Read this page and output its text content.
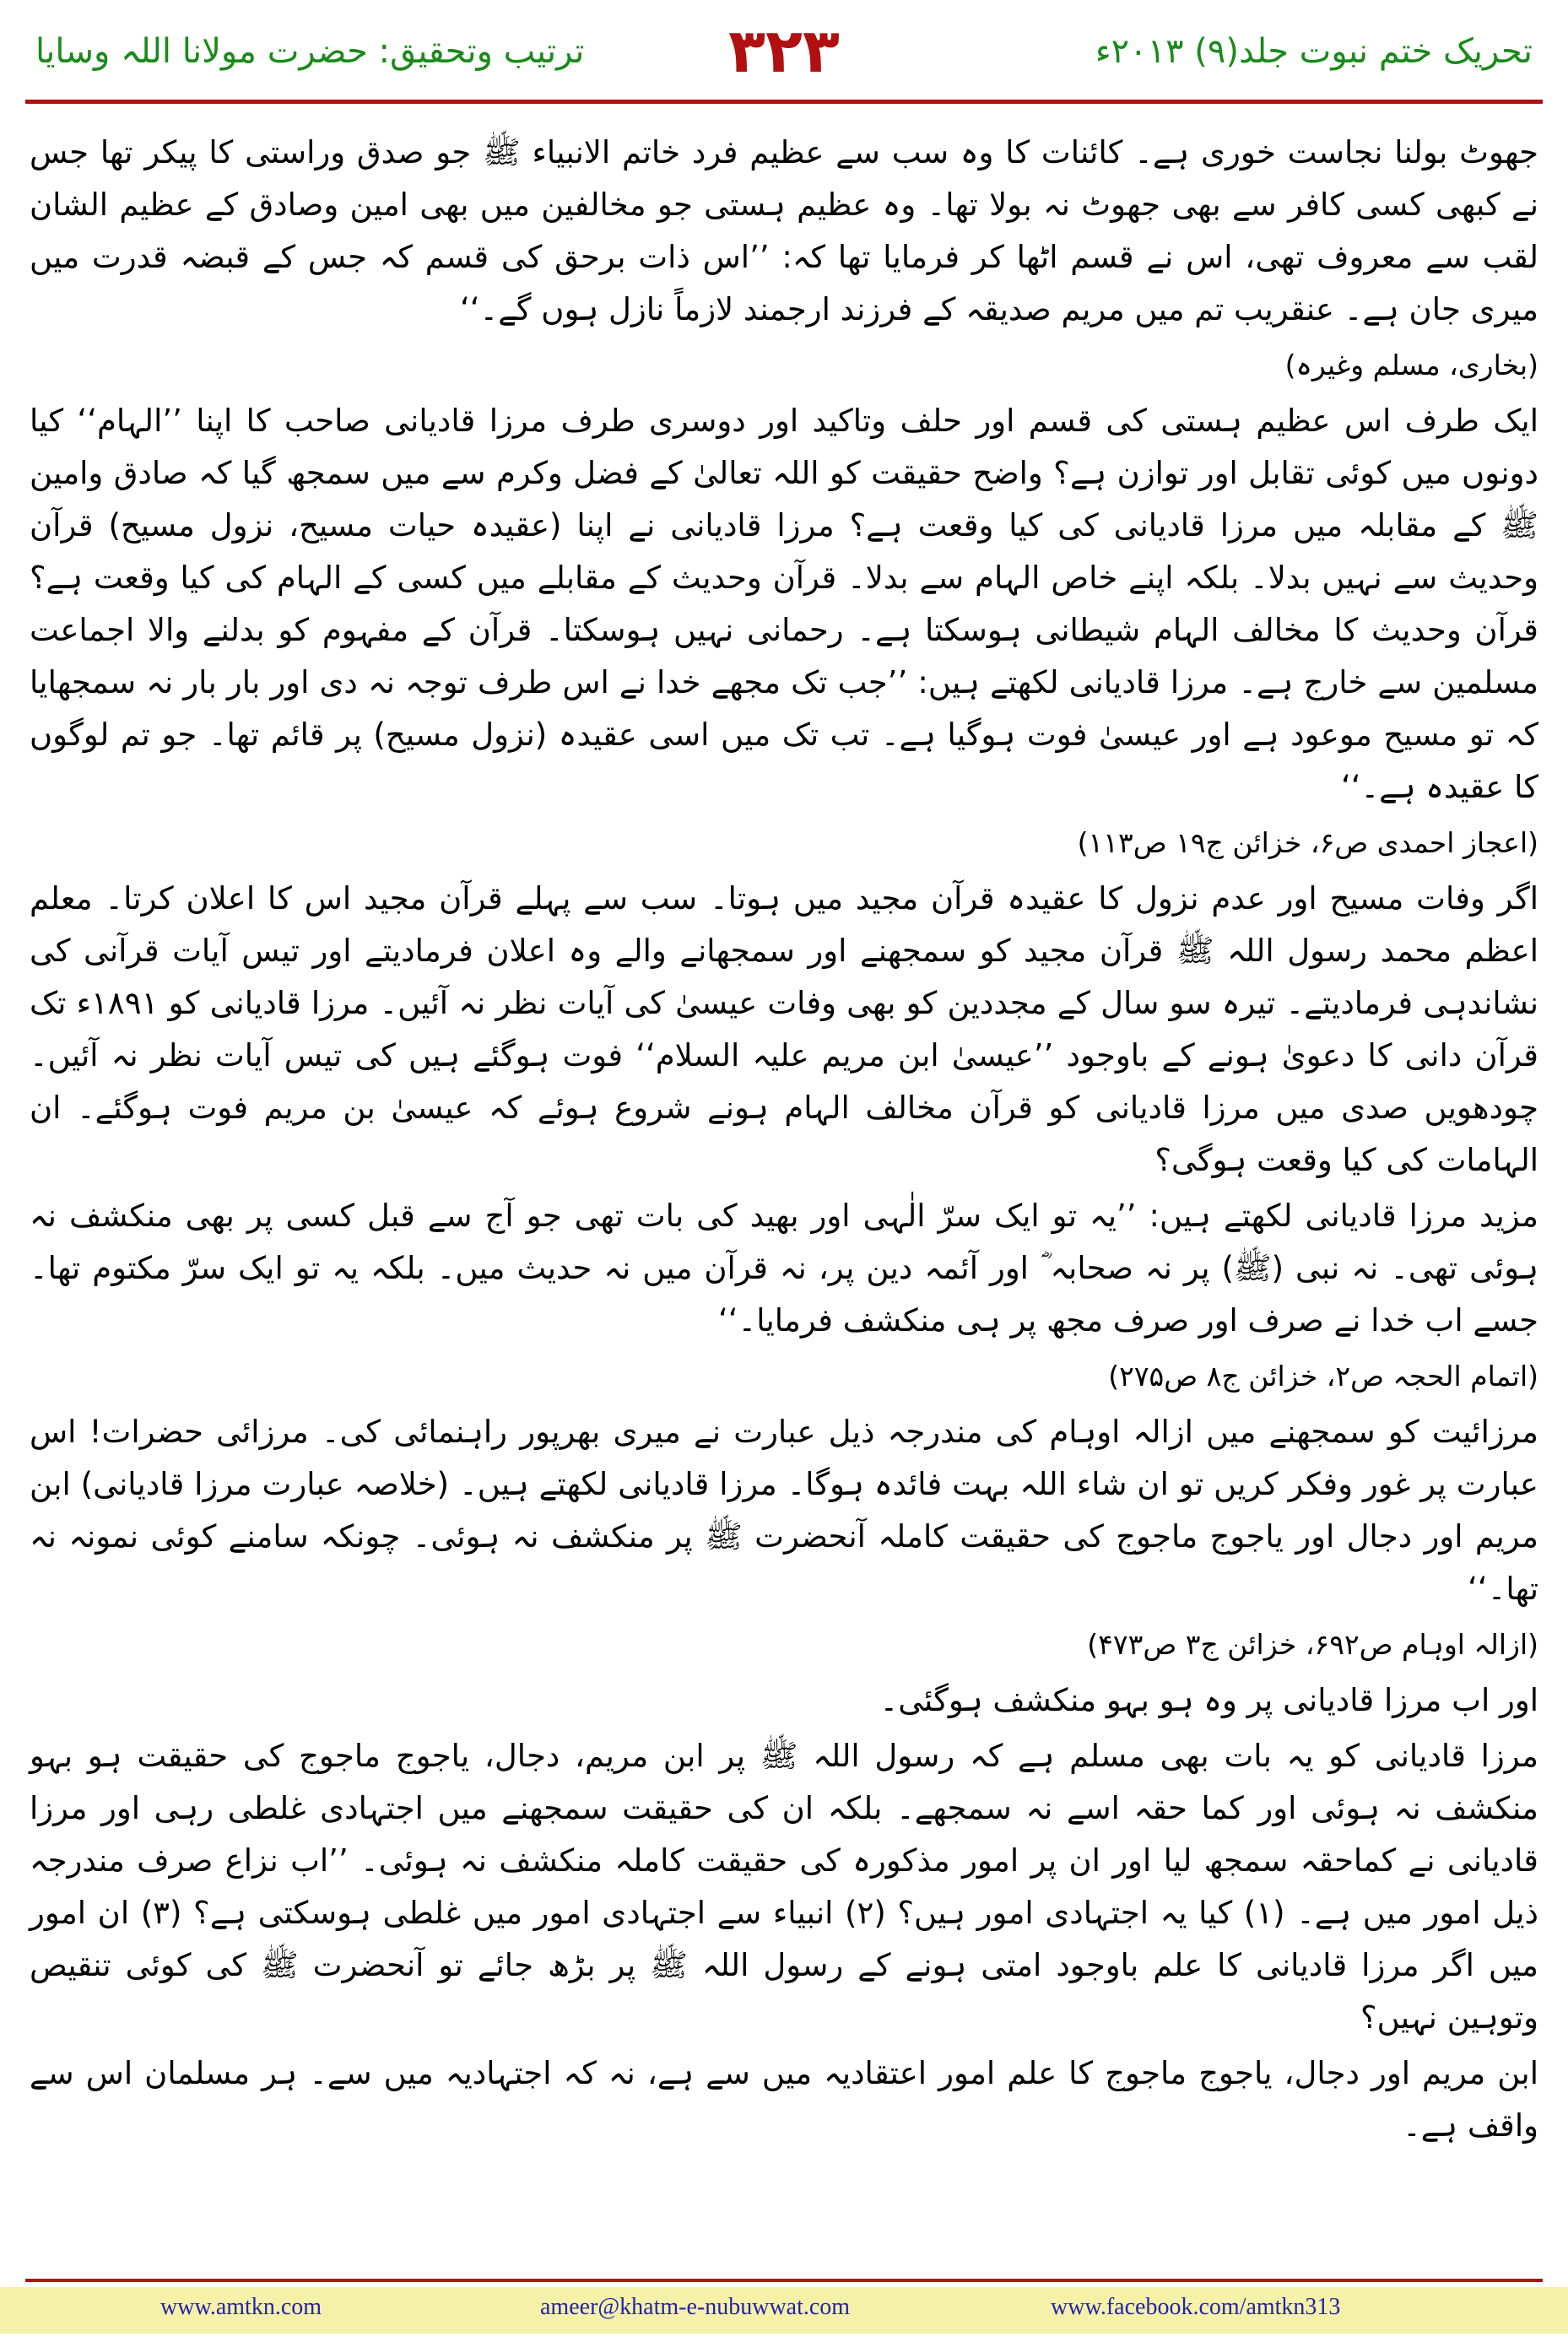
تحریک ختم نبوت جلد(۹) ۲۰۱۳ء
۳۲۳
ترتیب وتحقیق: حضرت مولانا اللہ وسایا

جھوٹ بولنا نجاست خوری ہے۔ کائنات کا وہ سب سے عظیم فرد خاتم الانبیاء ﷺ جو صدق وراستی کا پیکر تھا جس نے کبھی کسی کافر سے بھی جھوٹ نہ بولا تھا۔ وہ عظیم ہستی جو مخالفین میں بھی امین وصادق کے عظیم الشان لقب سے معروف تھی، اس نے قسم اٹھا کر فرمایا تھا کہ: ’’اس ذات برحق کی قسم کہ جس کے قبضہ قدرت میں میری جان ہے۔ عنقریب تم میں مریم صدیقہ کے فرزند ارجمند لازماً نازل ہوں گے۔‘‘

(بخاری، مسلم وغیرہ)

ایک طرف اس عظیم ہستی کی قسم اور حلف وتاکید اور دوسری طرف مرزا قادیانی صاحب کا اپنا ’’الہام‘‘ کیا دونوں میں کوئی تقابل اور توازن ہے؟ واضح حقیقت کو اللہ تعالیٰ کے فضل وکرم سے میں سمجھ گیا کہ صادق وامین ﷺ کے مقابلہ میں مرزا قادیانی کی کیا وقعت ہے؟ مرزا قادیانی نے اپنا (عقیدہ حیات مسیح، نزول مسیح) قرآن وحدیث سے نہیں بدلا۔ بلکہ اپنے خاص الہام سے بدلا۔ قرآن وحدیث کے مقابلے میں کسی کے الہام کی کیا وقعت ہے؟ قرآن وحدیث کا مخالف الہام شیطانی ہوسکتا ہے۔ رحمانی نہیں ہوسکتا۔ قرآن کے مفہوم کو بدلنے والا اجماعت مسلمین سے خارج ہے۔ مرزا قادیانی لکھتے ہیں: ’’جب تک مجھے خدا نے اس طرف توجہ نہ دی اور بار بار نہ سمجھایا کہ تو مسیح موعود ہے اور عیسیٰ فوت ہوگیا ہے۔ تب تک میں اسی عقیدہ (نزول مسیح) پر قائم تھا۔ جو تم لوگوں کا عقیدہ ہے۔‘‘

(اعجاز احمدی ص۶، خزائن ج۱۹ ص۱۱۳)

اگر وفات مسیح اور عدم نزول کا عقیدہ قرآن مجید میں ہوتا۔ سب سے پہلے قرآن مجید اس کا اعلان کرتا۔ معلم اعظم محمد رسول اللہ ﷺ قرآن مجید کو سمجھنے اور سمجھانے والے وہ اعلان فرمادیتے اور تیس آیات قرآنی کی نشاندہی فرمادیتے۔ تیرہ سو سال کے مجددین کو بھی وفات عیسیٰ کی آیات نظر نہ آئیں۔ مرزا قادیانی کو ۱۸۹۱ء تک قرآن دانی کا دعویٰ ہونے کے باوجود ’’عیسیٰ ابن مریم علیہ السلام‘‘ فوت ہوگئے ہیں کی تیس آیات نظر نہ آئیں۔ چودھویں صدی میں مرزا قادیانی کو قرآن مخالف الہام ہونے شروع ہوئے کہ عیسیٰ بن مریم فوت ہوگئے۔ ان الہامات کی کیا وقعت ہوگی؟

مزید مرزا قادیانی لکھتے ہیں: ’’یہ تو ایک سرّ الٰہی اور بھید کی بات تھی جو آج سے قبل کسی پر بھی منکشف نہ ہوئی تھی۔ نہ نبی (ﷺ) پر نہ صحابہ ؓ اور آئمہ دین پر، نہ قرآن میں نہ حدیث میں۔ بلکہ یہ تو ایک سرّ مکتوم تھا۔ جسے اب خدا نے صرف اور صرف مجھ پر ہی منکشف فرمایا۔‘‘

(اتمام الحجہ ص۲، خزائن ج۸ ص۲۷۵)

مرزائیت کو سمجھنے میں ازالہ اوہام کی مندرجہ ذیل عبارت نے میری بھرپور راہنمائی کی۔ مرزائی حضرات! اس عبارت پر غور وفکر کریں تو ان شاء اللہ بہت فائدہ ہوگا۔ مرزا قادیانی لکھتے ہیں۔ (خلاصہ عبارت مرزا قادیانی) ابن مریم اور دجال اور یاجوج ماجوج کی حقیقت کاملہ آنحضرت ﷺ پر منکشف نہ ہوئی۔ چونکہ سامنے کوئی نمونہ نہ تھا۔‘‘

(ازالہ اوہام ص۶۹۲، خزائن ج۳ ص۴۷۳)

اور اب مرزا قادیانی پر وہ ہو بہو منکشف ہوگئی۔

مرزا قادیانی کو یہ بات بھی مسلم ہے کہ رسول اللہ ﷺ پر ابن مریم، دجال، یاجوج ماجوج کی حقیقت ہو بہو منکشف نہ ہوئی اور کما حقہ اسے نہ سمجھے۔ بلکہ ان کی حقیقت سمجھنے میں اجتہادی غلطی رہی اور مرزا قادیانی نے کماحقہ سمجھ لیا اور ان پر امور مذکورہ کی حقیقت کاملہ منکشف نہ ہوئی۔ ’’اب نزاع صرف مندرجہ ذیل امور میں ہے۔ (۱) کیا یہ اجتہادی امور ہیں؟ (۲) انبیاء سے اجتہادی امور میں غلطی ہوسکتی ہے؟ (۳) ان امور میں اگر مرزا قادیانی کا علم باوجود امتی ہونے کے رسول اللہ ﷺ پر بڑھ جائے تو آنحضرت ﷺ کی کوئی تنقیص وتوہین نہیں؟

ابن مریم اور دجال، یاجوج ماجوج کا علم امور اعتقادیہ میں سے ہے، نہ کہ اجتہادیہ میں سے۔ ہر مسلمان اس سے واقف ہے۔

www.amtkn.com	ameer@khatm-e-nubuwwat.com	www.facebook.com/amtkn313
